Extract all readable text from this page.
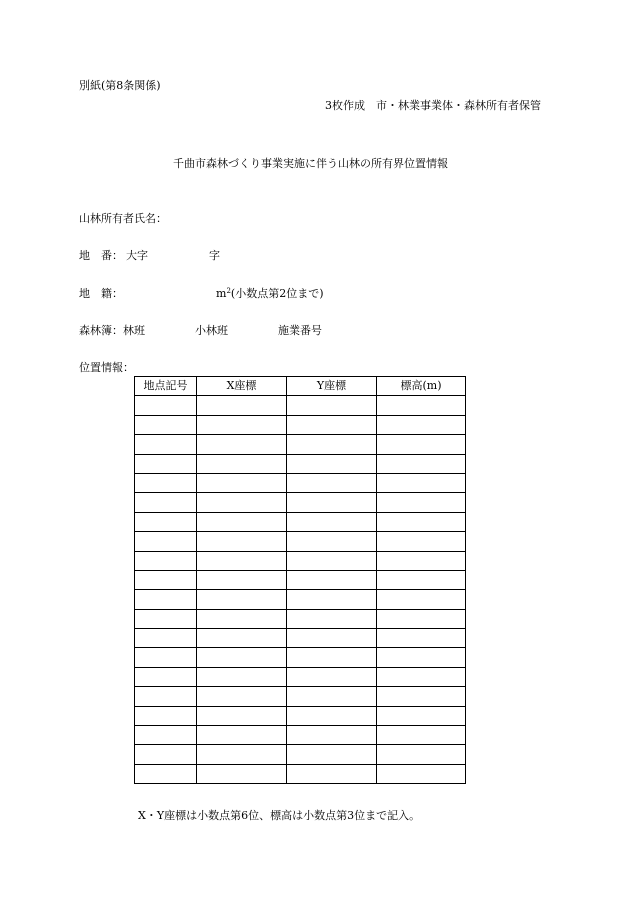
別紙(第8条関係)
3枚作成　市・林業事業体・森林所有者保管
千曲市森林づくり事業実施に伴う山林の所有界位置情報
山林所有者氏名：
地　番： 大字	字
地　籍：	$m^2$(小数点第2位まで)
森林簿：林班	小林班	施業番号
位置情報：
地点記号	X座標	Y座標	標高(m)

X・Y座標は小数点第6位、標高は小数点第3位まで記入。
